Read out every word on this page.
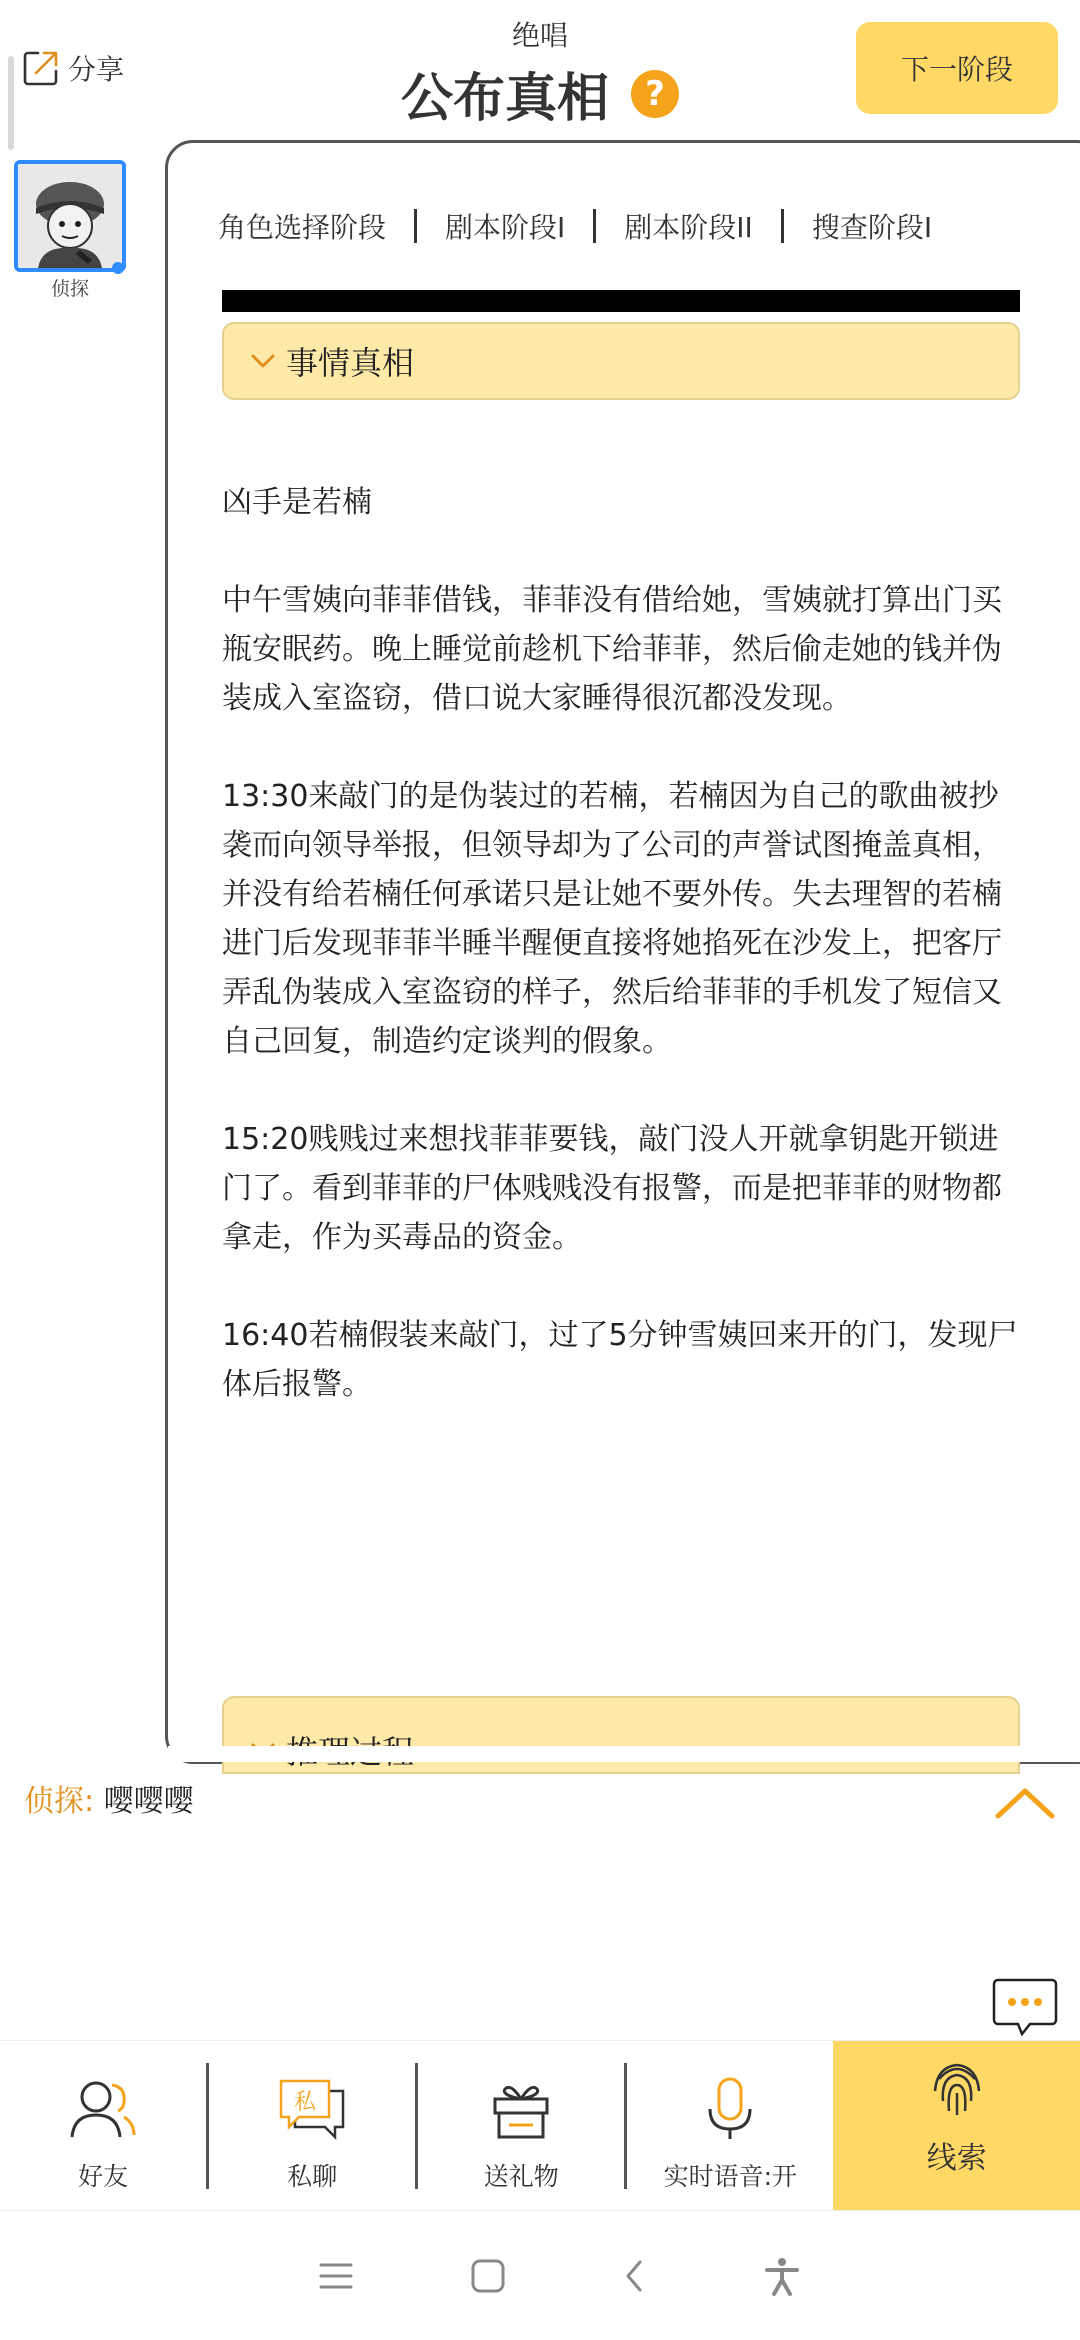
分享
绝唱
公布真相	?
下一阶段
侦探
角色选择阶段	剧本阶段I	剧本阶段II	搜查阶段I
事情真相

凶手是若楠

中午雪姨向菲菲借钱，菲菲没有借给她，雪姨就打算出门买瓶安眠药。晚上睡觉前趁机下给菲菲，然后偷走她的钱并伪装成入室盗窃，借口说大家睡得很沉都没发现。

13:30来敲门的是伪装过的若楠，若楠因为自己的歌曲被抄袭而向领导举报，但领导却为了公司的声誉试图掩盖真相，并没有给若楠任何承诺只是让她不要外传。失去理智的若楠进门后发现菲菲半睡半醒便直接将她掐死在沙发上，把客厅弄乱伪装成入室盗窃的样子，然后给菲菲的手机发了短信又自己回复，制造约定谈判的假象。

15:20贱贱过来想找菲菲要钱，敲门没人开就拿钥匙开锁进门了。看到菲菲的尸体贱贱没有报警，而是把菲菲的财物都拿走，作为买毒品的资金。

16:40若楠假装来敲门，过了5分钟雪姨回来开的门，发现尸体后报警。

侦探: 嘤嘤嘤
好友
私
私聊	送礼物	实时语音:开
线索
